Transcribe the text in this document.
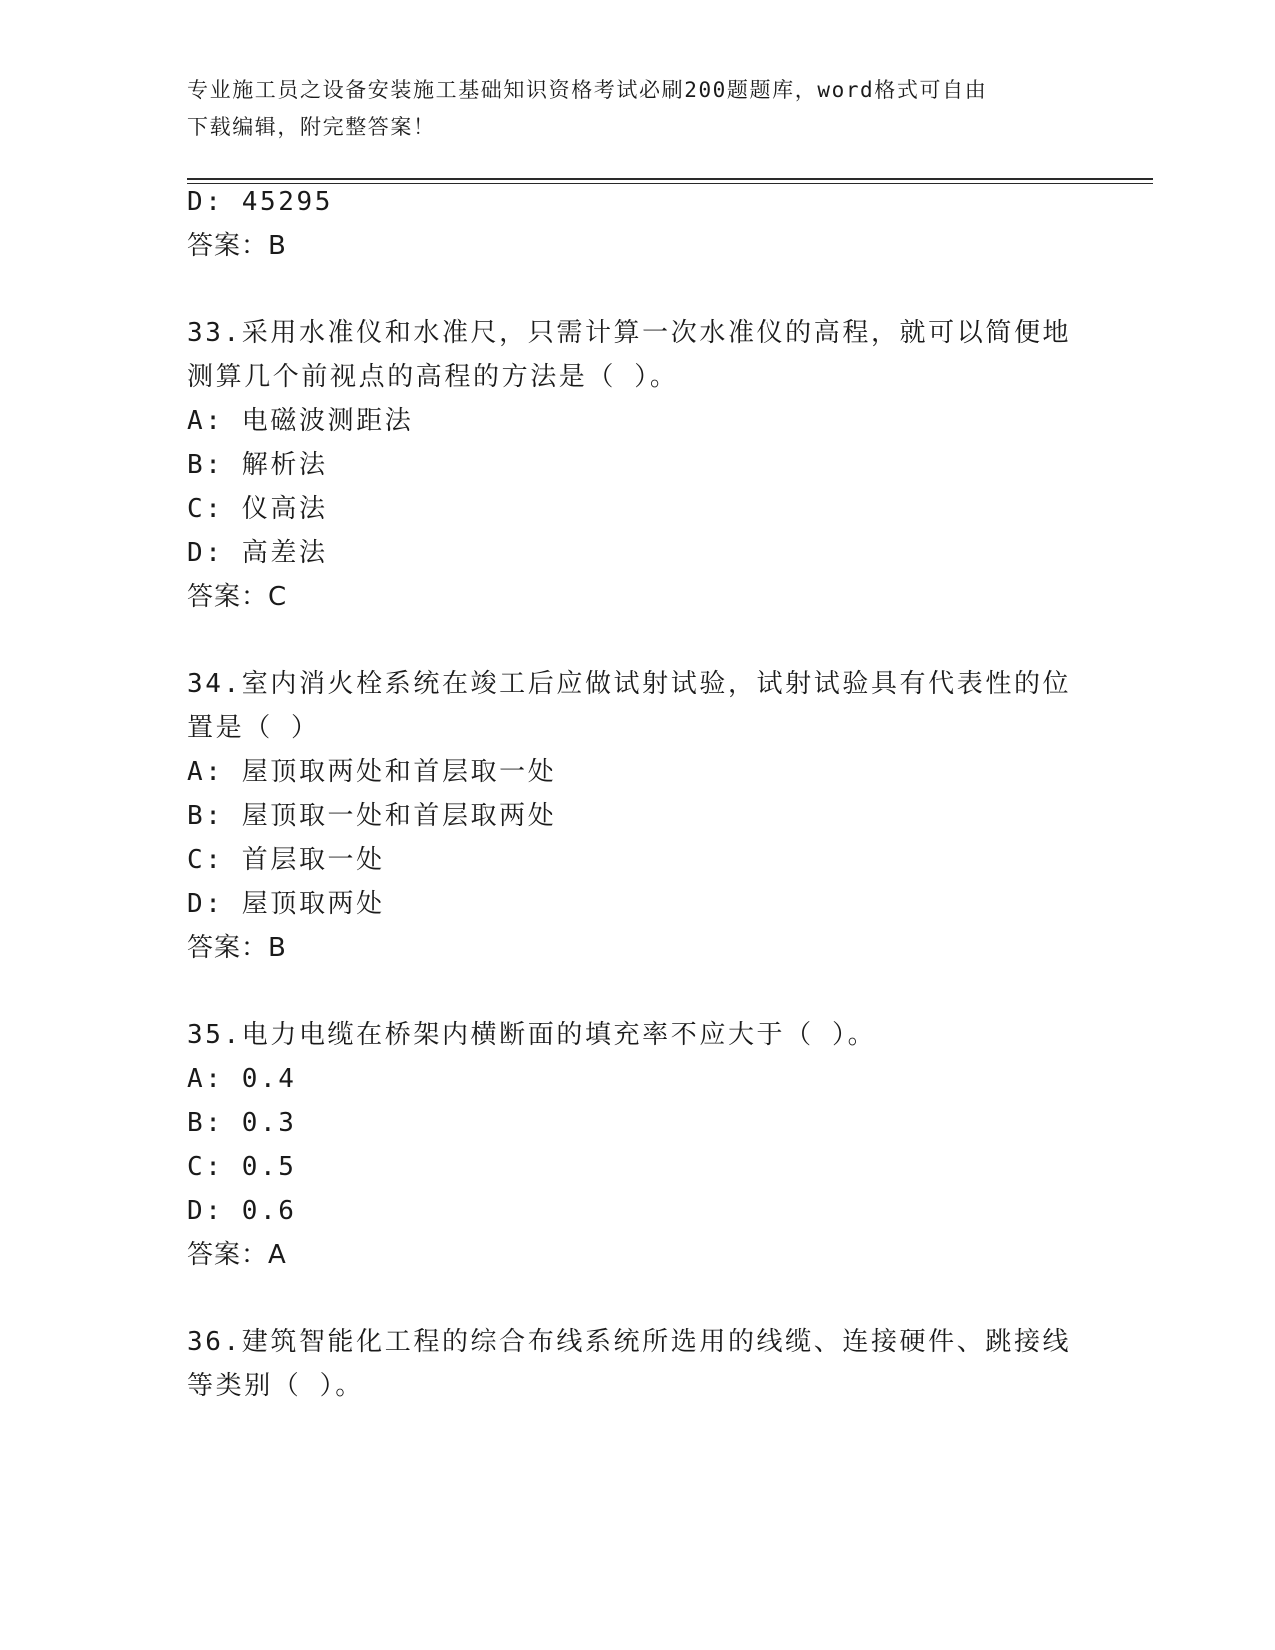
专业施工员之设备安装施工基础知识资格考试必刷200题题库，word格式可自由
下载编辑，附完整答案！
D: 45295
答案：B
33.采用水准仪和水准尺，只需计算一次水准仪的高程，就可以简便地
测算几个前视点的高程的方法是（ ）。
A: 电磁波测距法
B: 解析法
C: 仪高法
D: 高差法
答案：C
34.室内消火栓系统在竣工后应做试射试验，试射试验具有代表性的位
置是（ ）
A: 屋顶取两处和首层取一处
B: 屋顶取一处和首层取两处
C: 首层取一处
D: 屋顶取两处
答案：B
35.电力电缆在桥架内横断面的填充率不应大于（ ）。
A: 0.4
B: 0.3
C: 0.5
D: 0.6
答案：A
36.建筑智能化工程的综合布线系统所选用的线缆、连接硬件、跳接线
等类别（ ）。
